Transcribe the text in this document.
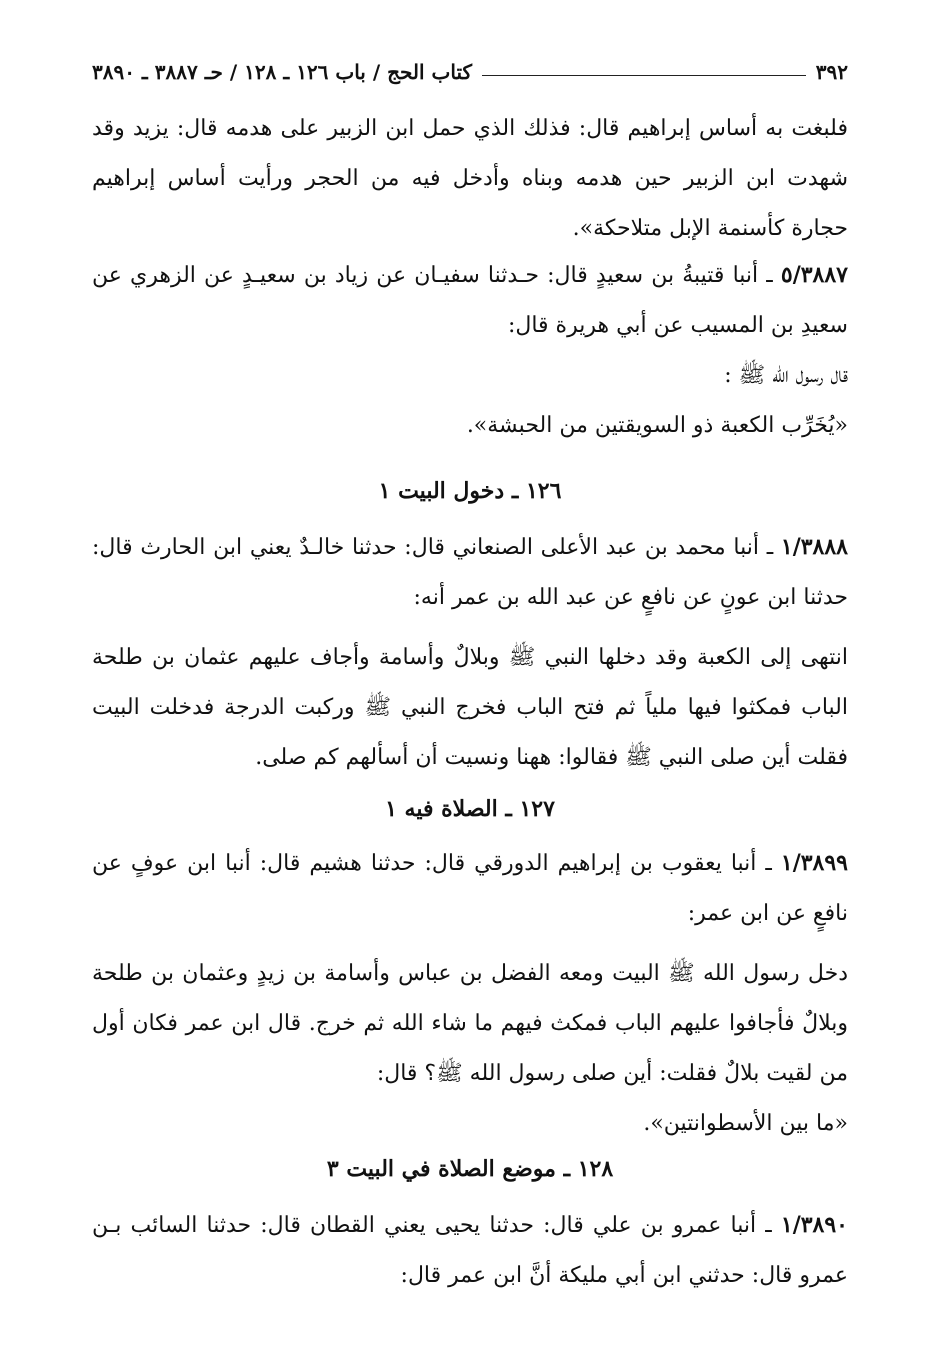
٣٩٢
كتاب الحج / باب ١٢٦ ـ ١٢٨ / حـ ٣٨٨٧ ـ ٣٨٩٠

فلبغت به أساس إبراهيم قال: فذلك الذي حمل ابن الزبير على هدمه قال: يزيد وقد شهدت ابن الزبير حين هدمه وبناه وأدخل فيه من الحجر ورأيت أساس إبراهيم حجارة كأسنمة الإبل متلاحكة».

٥/٣٨٨٧ ـ أنبا قتيبةُ بن سعيدٍ قال: حـدثنا سفيـان عن زياد بن سعيـدٍ عن الزهري عن سعيدِ بن المسيب عن أبي هريرة قال:

قال رسول الله ﷺ :

«يُخَرِّب الكعبة ذو السويقتين من الحبشة».

١٢٦ ـ دخول البيت ١

١/٣٨٨٨ ـ أنبا محمد بن عبد الأعلى الصنعاني قال: حدثنا خالـدٌ يعني ابن الحارث قال: حدثنا ابن عونٍ عن نافعٍ عن عبد الله بن عمر أنه:

انتهى إلى الكعبة وقد دخلها النبي ﷺ وبلالٌ وأسامة وأجاف عليهم عثمان بن طلحة الباب فمكثوا فيها ملياً ثم فتح الباب فخرج النبي ﷺ وركبت الدرجة فدخلت البيت فقلت أين صلى النبي ﷺ فقالوا: ههنا ونسيت أن أسألهم كم صلى.

١٢٧ ـ الصلاة فيه ١

١/٣٨٩٩ ـ أنبا يعقوب بن إبراهيم الدورقي قال: حدثنا هشيم قال: أنبا ابن عوفٍ عن نافعٍ عن ابن عمر:

دخل رسول الله ﷺ البيت ومعه الفضل بن عباس وأسامة بن زيدٍ وعثمان بن طلحة وبلالٌ فأجافوا عليهم الباب فمكث فيهم ما شاء الله ثم خرج. قال ابن عمر فكان أول من لقيت بلالٌ فقلت: أين صلى رسول الله ﷺ؟ قال:

«ما بين الأسطوانتين».

١٢٨ ـ موضع الصلاة في البيت ٣

١/٣٨٩٠ ـ أنبا عمرو بن علي قال: حدثنا يحيى يعني القطان قال: حدثنا السائب بـن عمرو قال: حدثني ابن أبي مليكة أنَّ ابن عمر قال:
